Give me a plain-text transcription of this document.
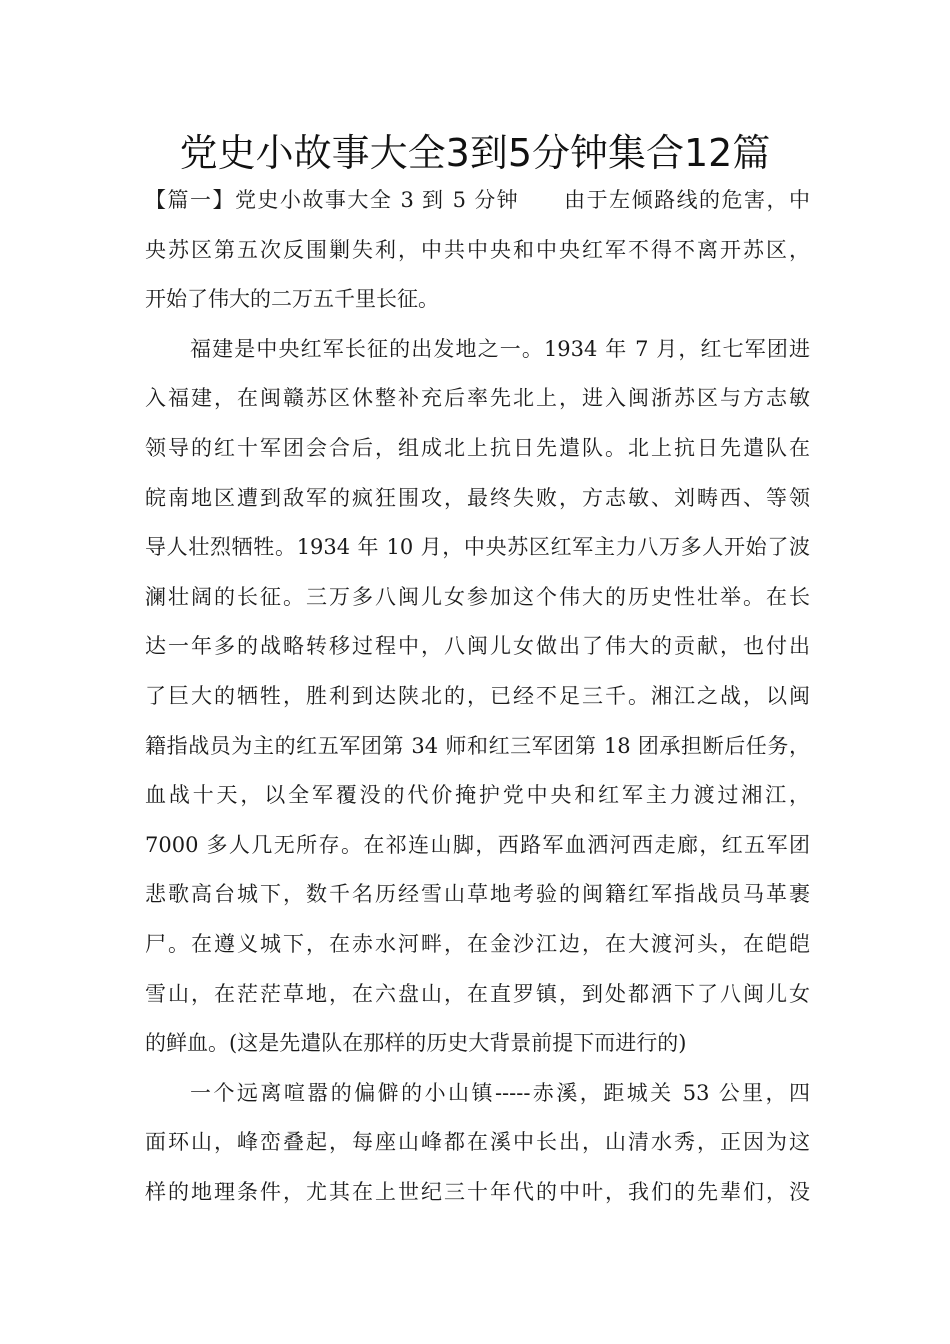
党史小故事大全3到5分钟集合12篇
【篇一】党史小故事大全 3 到 5 分钟　　由于左倾路线的危害，中
央苏区第五次反围剿失利，中共中央和中央红军不得不离开苏区，
开始了伟大的二万五千里长征。
福建是中央红军长征的出发地之一。1934 年 7 月，红七军团进
入福建，在闽赣苏区休整补充后率先北上，进入闽浙苏区与方志敏
领导的红十军团会合后，组成北上抗日先遣队。北上抗日先遣队在
皖南地区遭到敌军的疯狂围攻，最终失败，方志敏、刘畴西、等领
导人壮烈牺牲。1934 年 10 月，中央苏区红军主力八万多人开始了波
澜壮阔的长征。三万多八闽儿女参加这个伟大的历史性壮举。在长
达一年多的战略转移过程中，八闽儿女做出了伟大的贡献，也付出
了巨大的牺牲，胜利到达陕北的，已经不足三千。湘江之战，以闽
籍指战员为主的红五军团第 34 师和红三军团第 18 团承担断后任务，
血战十天，以全军覆没的代价掩护党中央和红军主力渡过湘江，
7000 多人几无所存。在祁连山脚，西路军血洒河西走廊，红五军团
悲歌高台城下，数千名历经雪山草地考验的闽籍红军指战员马革裹
尸。在遵义城下，在赤水河畔，在金沙江边，在大渡河头，在皑皑
雪山，在茫茫草地，在六盘山，在直罗镇，到处都洒下了八闽儿女
的鲜血。(这是先遣队在那样的历史大背景前提下而进行的)
一个远离喧嚣的偏僻的小山镇-----赤溪，距城关 53 公里，四
面环山，峰峦叠起，每座山峰都在溪中长出，山清水秀，正因为这
样的地理条件，尤其在上世纪三十年代的中叶，我们的先辈们，没
